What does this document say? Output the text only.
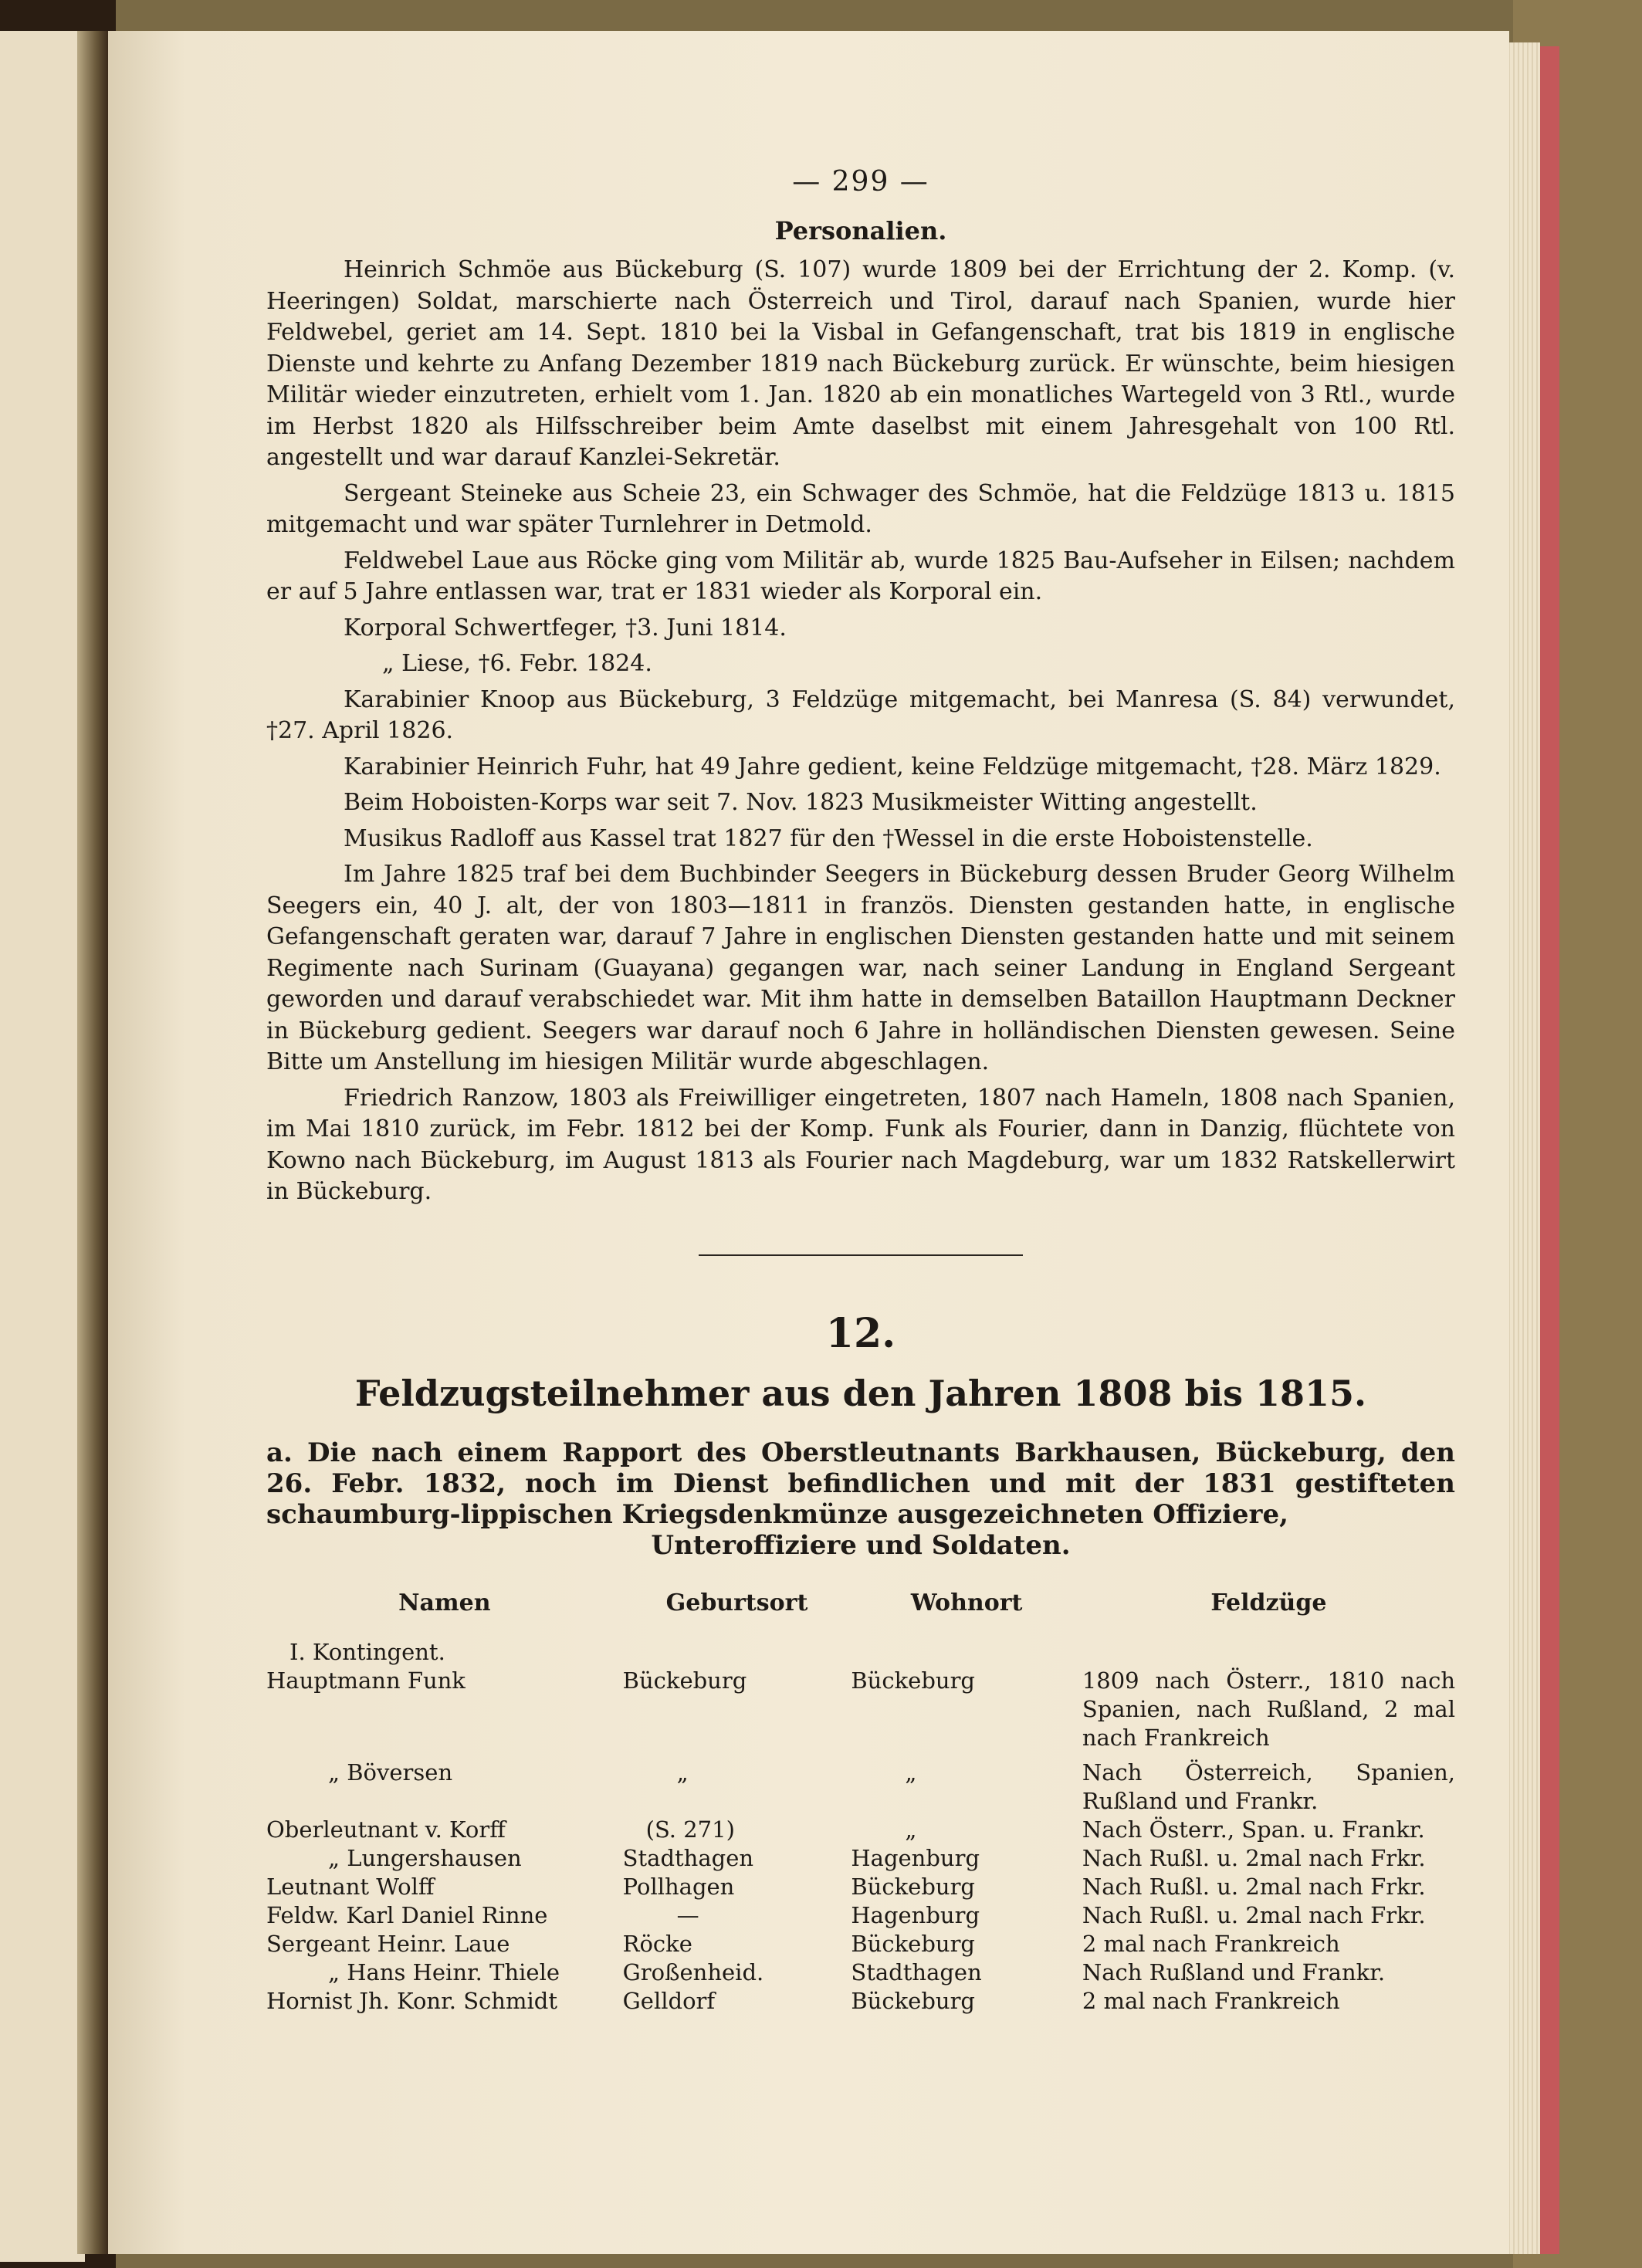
— 299 —
Personalien.

Heinrich Schmöe aus Bückeburg (S. 107) wurde 1809 bei der Errichtung der 2. Komp. (v. Heeringen) Soldat, marschierte nach Österreich und Tirol, darauf nach Spanien, wurde hier Feldwebel, geriet am 14. Sept. 1810 bei la Visbal in Gefangenschaft, trat bis 1819 in englische Dienste und kehrte zu Anfang Dezember 1819 nach Bückeburg zurück. Er wünschte, beim hiesigen Militär wieder einzutreten, erhielt vom 1. Jan. 1820 ab ein monatliches Wartegeld von 3 Rtl., wurde im Herbst 1820 als Hilfsschreiber beim Amte daselbst mit einem Jahresgehalt von 100 Rtl. angestellt und war darauf Kanzlei-Sekretär.

Sergeant Steineke aus Scheie 23, ein Schwager des Schmöe, hat die Feldzüge 1813 u. 1815 mitgemacht und war später Turnlehrer in Detmold.

Feldwebel Laue aus Röcke ging vom Militär ab, wurde 1825 Bau-Aufseher in Eilsen; nachdem er auf 5 Jahre entlassen war, trat er 1831 wieder als Korporal ein.

Korporal Schwertfeger, †3. Juni 1814.

„ Liese, †6. Febr. 1824.

Karabinier Knoop aus Bückeburg, 3 Feldzüge mitgemacht, bei Manresa (S. 84) verwundet, †27. April 1826.

Karabinier Heinrich Fuhr, hat 49 Jahre gedient, keine Feldzüge mitgemacht, †28. März 1829.

Beim Hoboisten-Korps war seit 7. Nov. 1823 Musikmeister Witting angestellt.

Musikus Radloff aus Kassel trat 1827 für den †Wessel in die erste Hoboistenstelle.

Im Jahre 1825 traf bei dem Buchbinder Seegers in Bückeburg dessen Bruder Georg Wilhelm Seegers ein, 40 J. alt, der von 1803—1811 in französ. Diensten gestanden hatte, in englische Gefangenschaft geraten war, darauf 7 Jahre in englischen Diensten gestanden hatte und mit seinem Regimente nach Surinam (Guayana) gegangen war, nach seiner Landung in England Sergeant geworden und darauf verabschiedet war. Mit ihm hatte in demselben Bataillon Hauptmann Deckner in Bückeburg gedient. Seegers war darauf noch 6 Jahre in holländischen Diensten gewesen. Seine Bitte um Anstellung im hiesigen Militär wurde abgeschlagen.

Friedrich Ranzow, 1803 als Freiwilliger eingetreten, 1807 nach Hameln, 1808 nach Spanien, im Mai 1810 zurück, im Febr. 1812 bei der Komp. Funk als Fourier, dann in Danzig, flüchtete von Kowno nach Bückeburg, im August 1813 als Fourier nach Magdeburg, war um 1832 Ratskellerwirt in Bückeburg.

12.
Feldzugsteilnehmer aus den Jahren 1808 bis 1815.
a. Die nach einem Rapport des Oberstleutnants Barkhausen, Bückeburg, den 26. Febr. 1832, noch im Dienst befindlichen und mit der 1831 gestifteten schaumburg-lippischen Kriegsdenkmünze ausgezeichneten Offiziere,
Unteroffiziere und Soldaten.
Namen	Geburtsort	Wohnort	Feldzüge
I. Kontingent.			
Hauptmann Funk	Bückeburg	Bückeburg	1809 nach Österr., 1810 nach Spanien, nach Rußland, 2 mal nach Frankreich
„ Böversen	„	„	Nach Österreich, Spanien, Rußland und Frankr.
Oberleutnant v. Korff	(S. 271)	„	Nach Österr., Span. u. Frankr.
„ Lungershausen	Stadthagen	Hagenburg	Nach Rußl. u. 2mal nach Frkr.
Leutnant Wolff	Pollhagen	Bückeburg	Nach Rußl. u. 2mal nach Frkr.
Feldw. Karl Daniel Rinne	—	Hagenburg	Nach Rußl. u. 2mal nach Frkr.
Sergeant Heinr. Laue	Röcke	Bückeburg	2 mal nach Frankreich
„ Hans Heinr. Thiele	Großenheid.	Stadthagen	Nach Rußland und Frankr.
Hornist Jh. Konr. Schmidt	Gelldorf	Bückeburg	2 mal nach Frankreich
